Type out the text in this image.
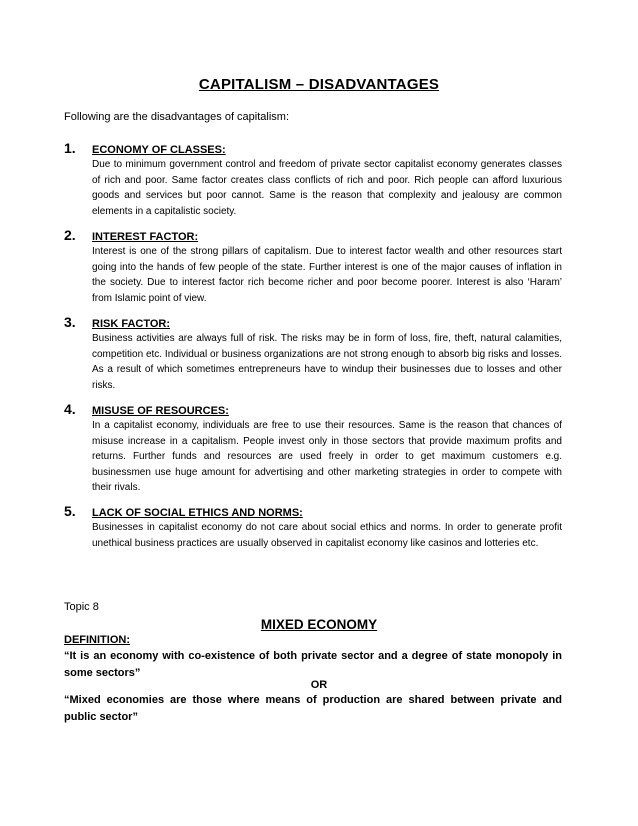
CAPITALISM – DISADVANTAGES
Following are the disadvantages of capitalism:
1.	ECONOMY OF CLASSES:
Due to minimum government control and freedom of private sector capitalist economy generates classes of rich and poor. Same factor creates class conflicts of rich and poor. Rich people can afford luxurious goods and services but poor cannot. Same is the reason that complexity and jealousy are common elements in a capitalistic society.
2.	INTEREST FACTOR:
Interest is one of the strong pillars of capitalism. Due to interest factor wealth and other resources start going into the hands of few people of the state. Further interest is one of the major causes of inflation in the society. Due to interest factor rich become richer and poor become poorer. Interest is also ‘Haram’ from Islamic point of view.
3.	RISK FACTOR:
Business activities are always full of risk. The risks may be in form of loss, fire, theft, natural calamities, competition etc. Individual or business organizations are not strong enough to absorb big risks and losses. As a result of which sometimes entrepreneurs have to windup their businesses due to losses and other risks.
4.	MISUSE OF RESOURCES:
In a capitalist economy, individuals are free to use their resources. Same is the reason that chances of misuse increase in a capitalism. People invest only in those sectors that provide maximum profits and returns. Further funds and resources are used freely in order to get maximum customers e.g. businessmen use huge amount for advertising and other marketing strategies in order to compete with their rivals.
5.	LACK OF SOCIAL ETHICS AND NORMS:
Businesses in capitalist economy do not care about social ethics and norms. In order to generate profit unethical business practices are usually observed in capitalist economy like casinos and lotteries etc.
Topic 8
MIXED ECONOMY
DEFINITION:
“It is an economy with co-existence of both private sector and a degree of state monopoly in some sectors”
OR
“Mixed economies are those where means of production are shared between private and public sector”
